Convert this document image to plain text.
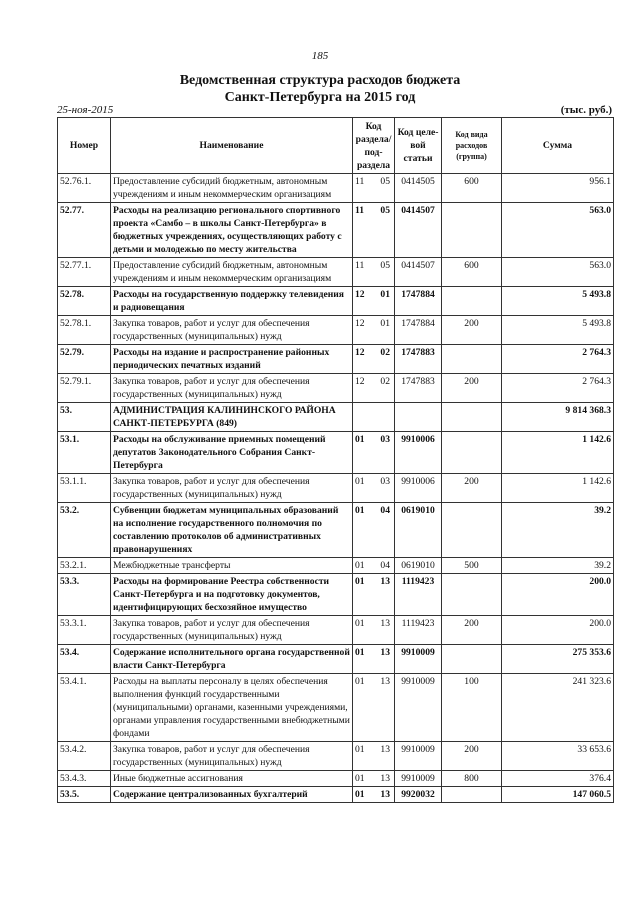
185
Ведомственная структура расходов бюджета
Санкт-Петербурга на 2015 год
25-ноя-2015	(тыс. руб.)
Номер	Наименование	Код раздела/ под-раздела	Код целе-вой статьи	Код вида расходов (группа)	Сумма
52.76.1.	Предоставление субсидий бюджетным, автономным учреждениям и иным некоммерческим организациям	11 05	0414505	600	956.1
52.77.	Расходы на реализацию регионального спортивного проекта «Самбо – в школы Санкт-Петербурга» в бюджетных учреждениях, осуществляющих работу с детьми и молодежью по месту жительства	11 05	0414507		563.0
52.77.1.	Предоставление субсидий бюджетным, автономным учреждениям и иным некоммерческим организациям	11 05	0414507	600	563.0
52.78.	Расходы на государственную поддержку телевидения и радиовещания	12 01	1747884		5 493.8
52.78.1.	Закупка товаров, работ и услуг для обеспечения государственных (муниципальных) нужд	12 01	1747884	200	5 493.8
52.79.	Расходы на издание и распространение районных периодических печатных изданий	12 02	1747883		2 764.3
52.79.1.	Закупка товаров, работ и услуг для обеспечения государственных (муниципальных) нужд	12 02	1747883	200	2 764.3
53.	АДМИНИСТРАЦИЯ КАЛИНИНСКОГО РАЙОНА САНКТ-ПЕТЕРБУРГА (849)				9 814 368.3
53.1.	Расходы на обслуживание приемных помещений депутатов Законодательного Собрания Санкт-Петербурга	01 03	9910006		1 142.6
53.1.1.	Закупка товаров, работ и услуг для обеспечения государственных (муниципальных) нужд	01 03	9910006	200	1 142.6
53.2.	Субвенции бюджетам муниципальных образований на исполнение государственного полномочия по составлению протоколов об административных правонарушениях	01 04	0619010		39.2
53.2.1.	Межбюджетные трансферты	01 04	0619010	500	39.2
53.3.	Расходы на формирование Реестра собственности Санкт-Петербурга и на подготовку документов, идентифицирующих бесхозяйное имущество	01 13	1119423		200.0
53.3.1.	Закупка товаров, работ и услуг для обеспечения государственных (муниципальных) нужд	01 13	1119423	200	200.0
53.4.	Содержание исполнительного органа государственной власти Санкт-Петербурга	01 13	9910009		275 353.6
53.4.1.	Расходы на выплаты персоналу в целях обеспечения выполнения функций государственными (муниципальными) органами, казенными учреждениями, органами управления государственными внебюджетными фондами	01 13	9910009	100	241 323.6
53.4.2.	Закупка товаров, работ и услуг для обеспечения государственных (муниципальных) нужд	01 13	9910009	200	33 653.6
53.4.3.	Иные бюджетные ассигнования	01 13	9910009	800	376.4
53.5.	Содержание централизованных бухгалтерий	01 13	9920032		147 060.5
